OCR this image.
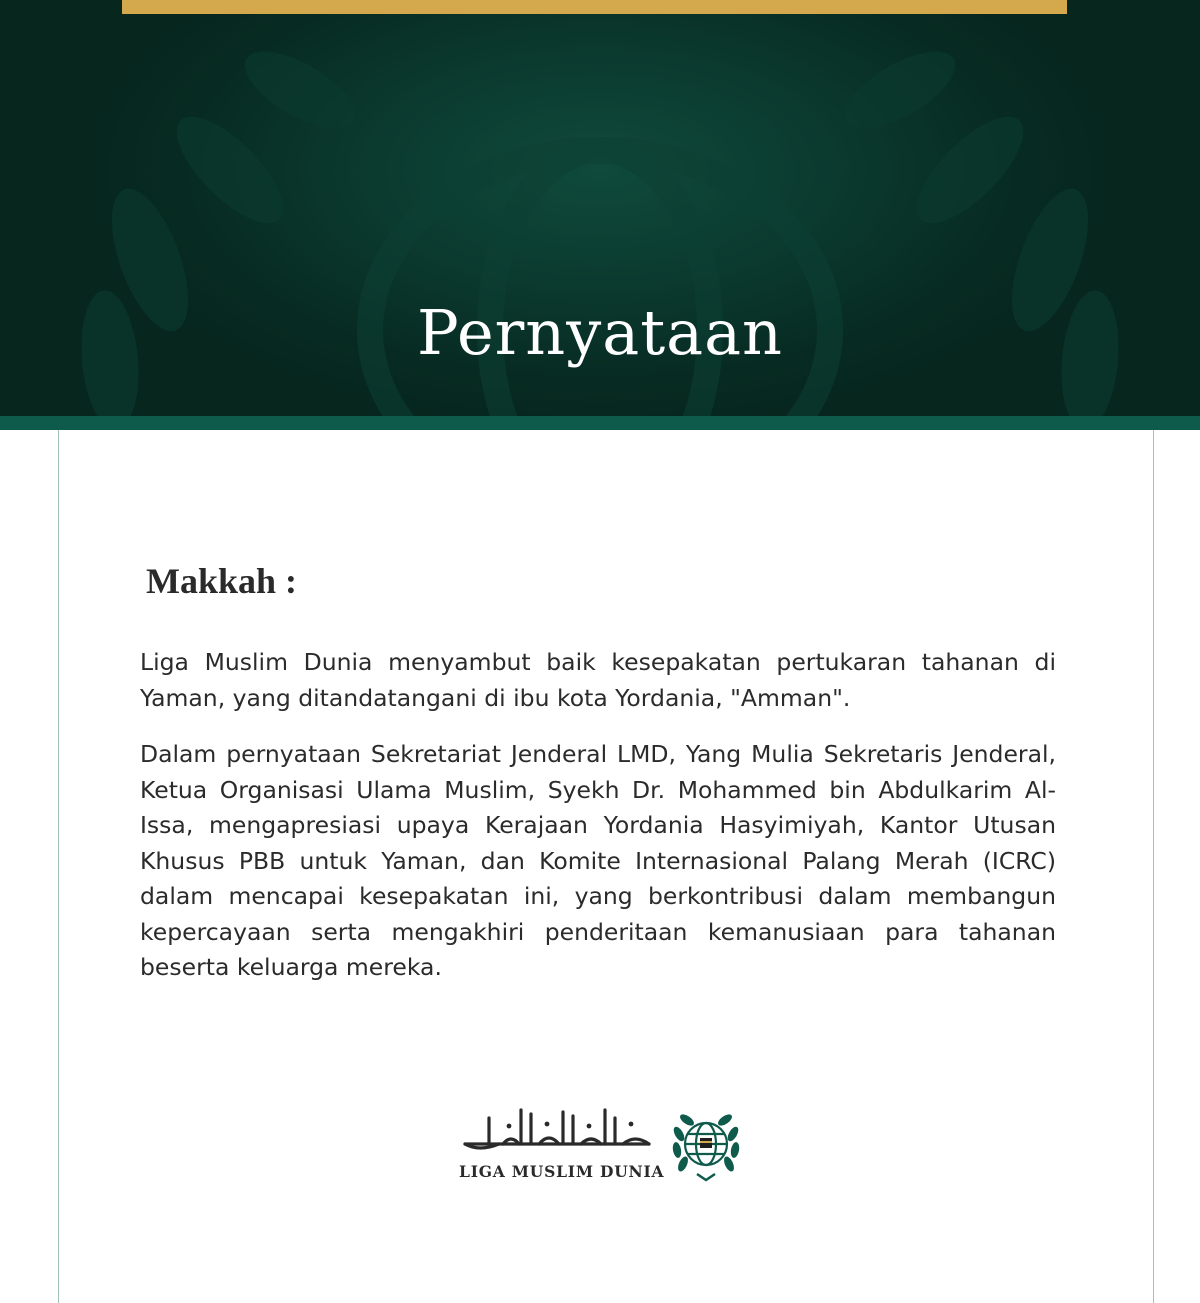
Pernyataan
Makkah :

Liga Muslim Dunia menyambut baik kesepakatan pertukaran tahanan di Yaman, yang ditandatangani di ibu kota Yordania, "Amman".

Dalam pernyataan Sekretariat Jenderal LMD, Yang Mulia Sekretaris Jenderal, Ketua Organisasi Ulama Muslim, Syekh Dr. Mohammed bin Abdulkarim Al-Issa, mengapresiasi upaya Kerajaan Yordania Hasyimiyah, Kantor Utusan Khusus PBB untuk Yaman, dan Komite Internasional Palang Merah (ICRC) dalam mencapai kesepakatan ini, yang berkontribusi dalam membangun kepercayaan serta mengakhiri penderitaan kemanusiaan para tahanan beserta keluarga mereka.

LIGA MUSLIM DUNIA
